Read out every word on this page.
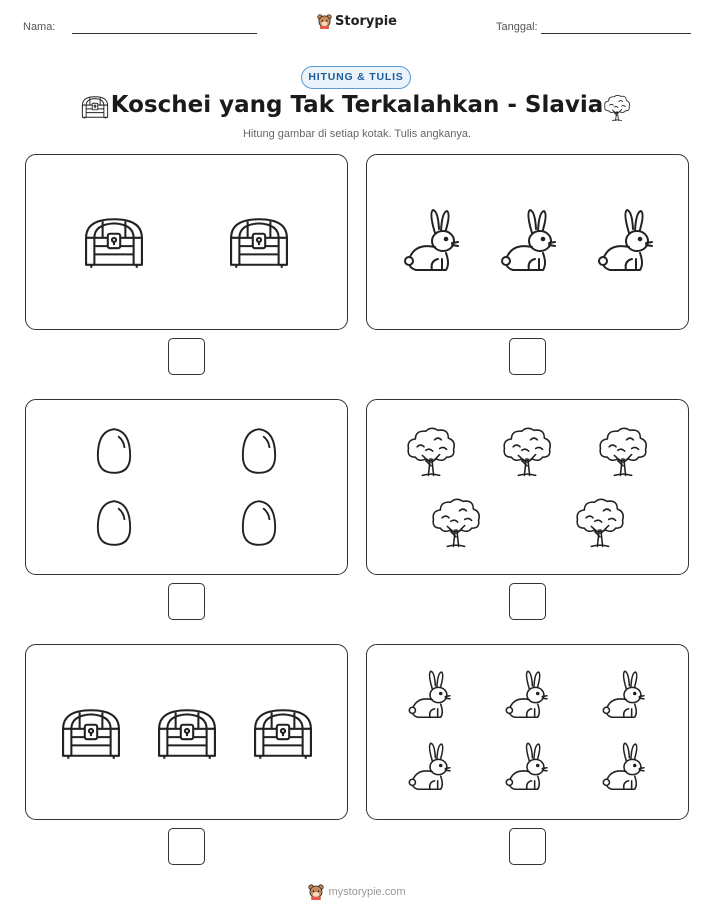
Nama:	Storypie	Tanggal:
HITUNG & TULIS
Koschei yang Tak Terkalahkan - Slavia
Hitung gambar di setiap kotak. Tulis angkanya.
mystorypie.com
